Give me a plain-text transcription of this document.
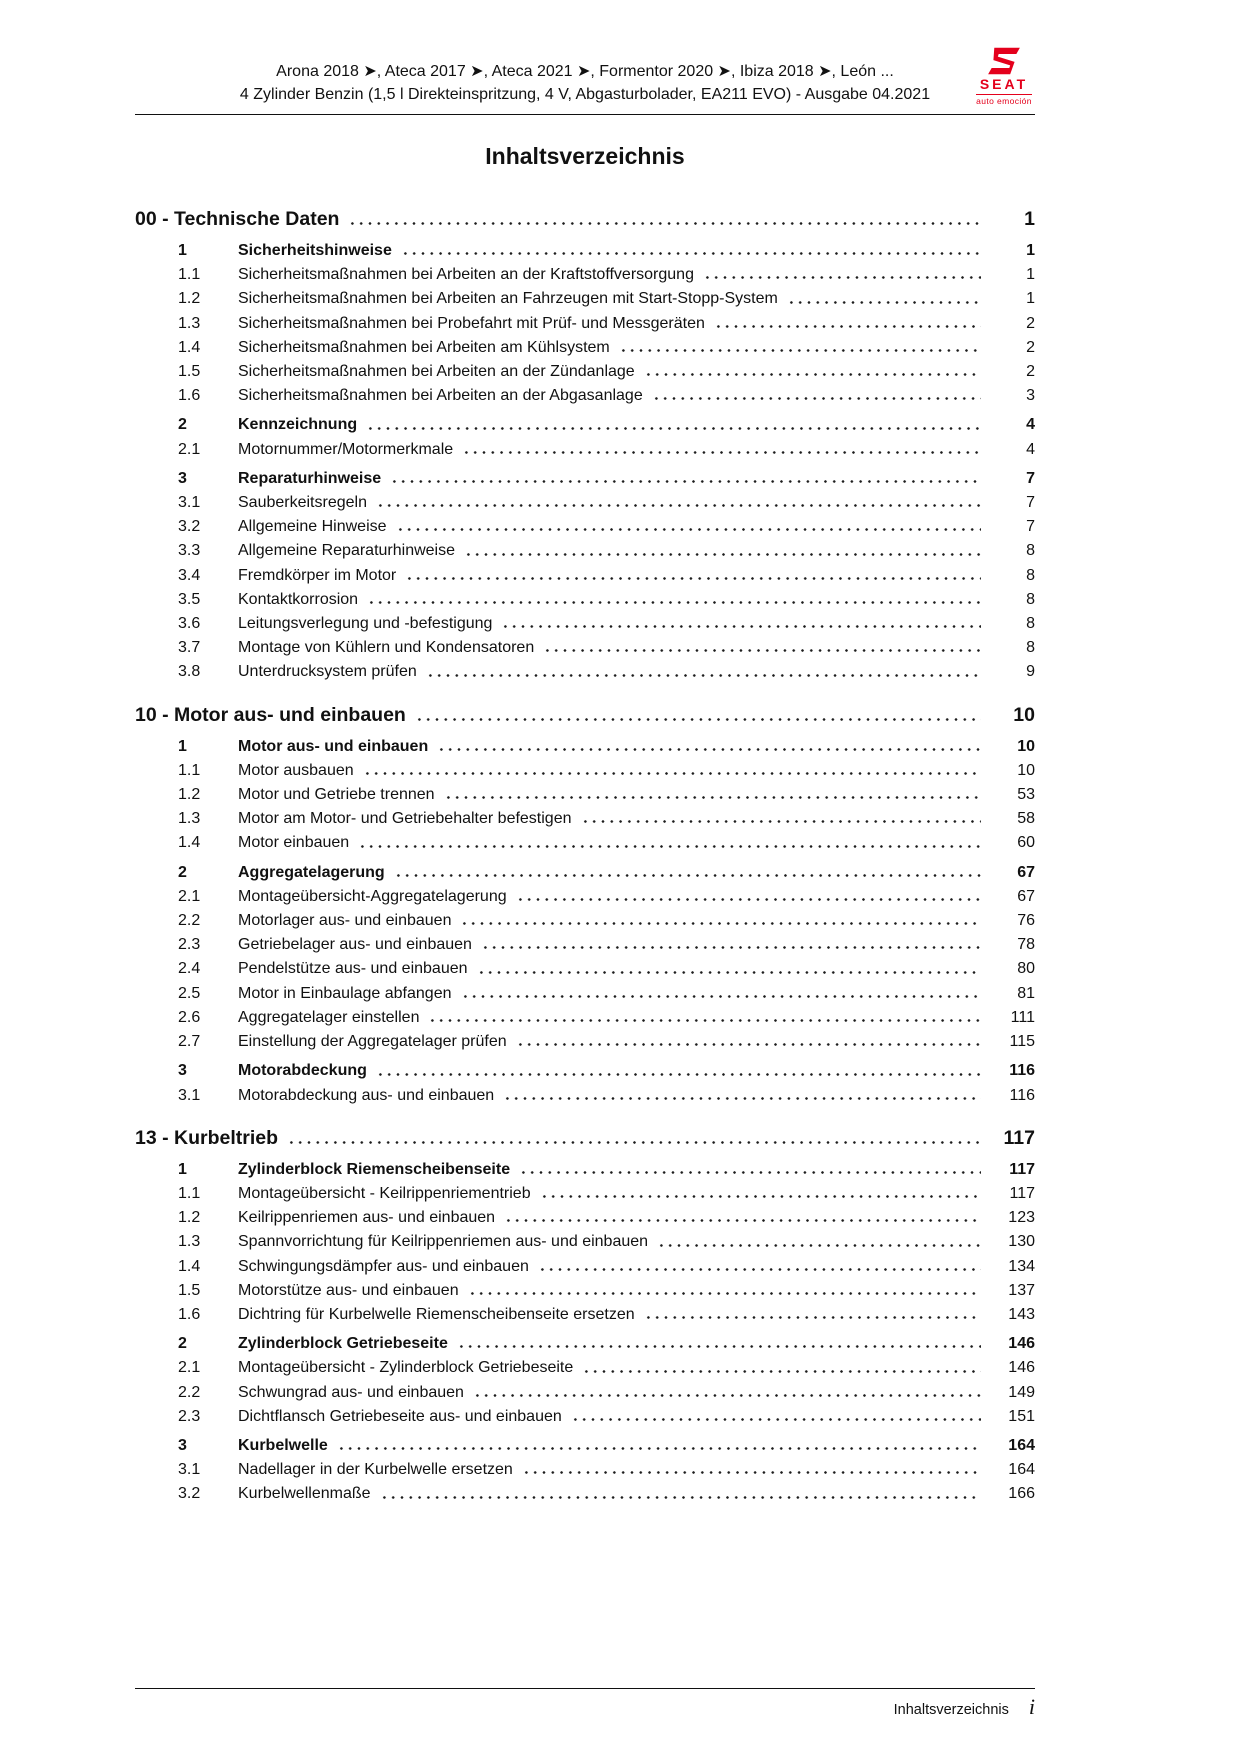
Arona 2018 ➤, Ateca 2017 ➤, Ateca 2021 ➤, Formentor 2020 ➤, Ibiza 2018 ➤, León ...
4 Zylinder Benzin (1,5 l Direkteinspritzung, 4 V, Abgasturbolader, EA211 EVO) - Ausgabe 04.2021
SEAT
auto emoción
Inhaltsverzeichnis
00 - Technische Daten	1
1	Sicherheitshinweise	1
1.1	Sicherheitsmaßnahmen bei Arbeiten an der Kraftstoffversorgung	1
1.2	Sicherheitsmaßnahmen bei Arbeiten an Fahrzeugen mit Start-Stopp-System	1
1.3	Sicherheitsmaßnahmen bei Probefahrt mit Prüf- und Messgeräten	2
1.4	Sicherheitsmaßnahmen bei Arbeiten am Kühlsystem	2
1.5	Sicherheitsmaßnahmen bei Arbeiten an der Zündanlage	2
1.6	Sicherheitsmaßnahmen bei Arbeiten an der Abgasanlage	3
2	Kennzeichnung	4
2.1	Motornummer/Motormerkmale	4
3	Reparaturhinweise	7
3.1	Sauberkeitsregeln	7
3.2	Allgemeine Hinweise	7
3.3	Allgemeine Reparaturhinweise	8
3.4	Fremdkörper im Motor	8
3.5	Kontaktkorrosion	8
3.6	Leitungsverlegung und -befestigung	8
3.7	Montage von Kühlern und Kondensatoren	8
3.8	Unterdrucksystem prüfen	9
10 - Motor aus- und einbauen	10
1	Motor aus- und einbauen	10
1.1	Motor ausbauen	10
1.2	Motor und Getriebe trennen	53
1.3	Motor am Motor- und Getriebehalter befestigen	58
1.4	Motor einbauen	60
2	Aggregatelagerung	67
2.1	Montageübersicht-Aggregatelagerung	67
2.2	Motorlager aus- und einbauen	76
2.3	Getriebelager aus- und einbauen	78
2.4	Pendelstütze aus- und einbauen	80
2.5	Motor in Einbaulage abfangen	81
2.6	Aggregatelager einstellen	111
2.7	Einstellung der Aggregatelager prüfen	115
3	Motorabdeckung	116
3.1	Motorabdeckung aus- und einbauen	116
13 - Kurbeltrieb	117
1	Zylinderblock Riemenscheibenseite	117
1.1	Montageübersicht - Keilrippenriementrieb	117
1.2	Keilrippenriemen aus- und einbauen	123
1.3	Spannvorrichtung für Keilrippenriemen aus- und einbauen	130
1.4	Schwingungsdämpfer aus- und einbauen	134
1.5	Motorstütze aus- und einbauen	137
1.6	Dichtring für Kurbelwelle Riemenscheibenseite ersetzen	143
2	Zylinderblock Getriebeseite	146
2.1	Montageübersicht - Zylinderblock Getriebeseite	146
2.2	Schwungrad aus- und einbauen	149
2.3	Dichtflansch Getriebeseite aus- und einbauen	151
3	Kurbelwelle	164
3.1	Nadellager in der Kurbelwelle ersetzen	164
3.2	Kurbelwellenmaße	166
Inhaltsverzeichnis i
